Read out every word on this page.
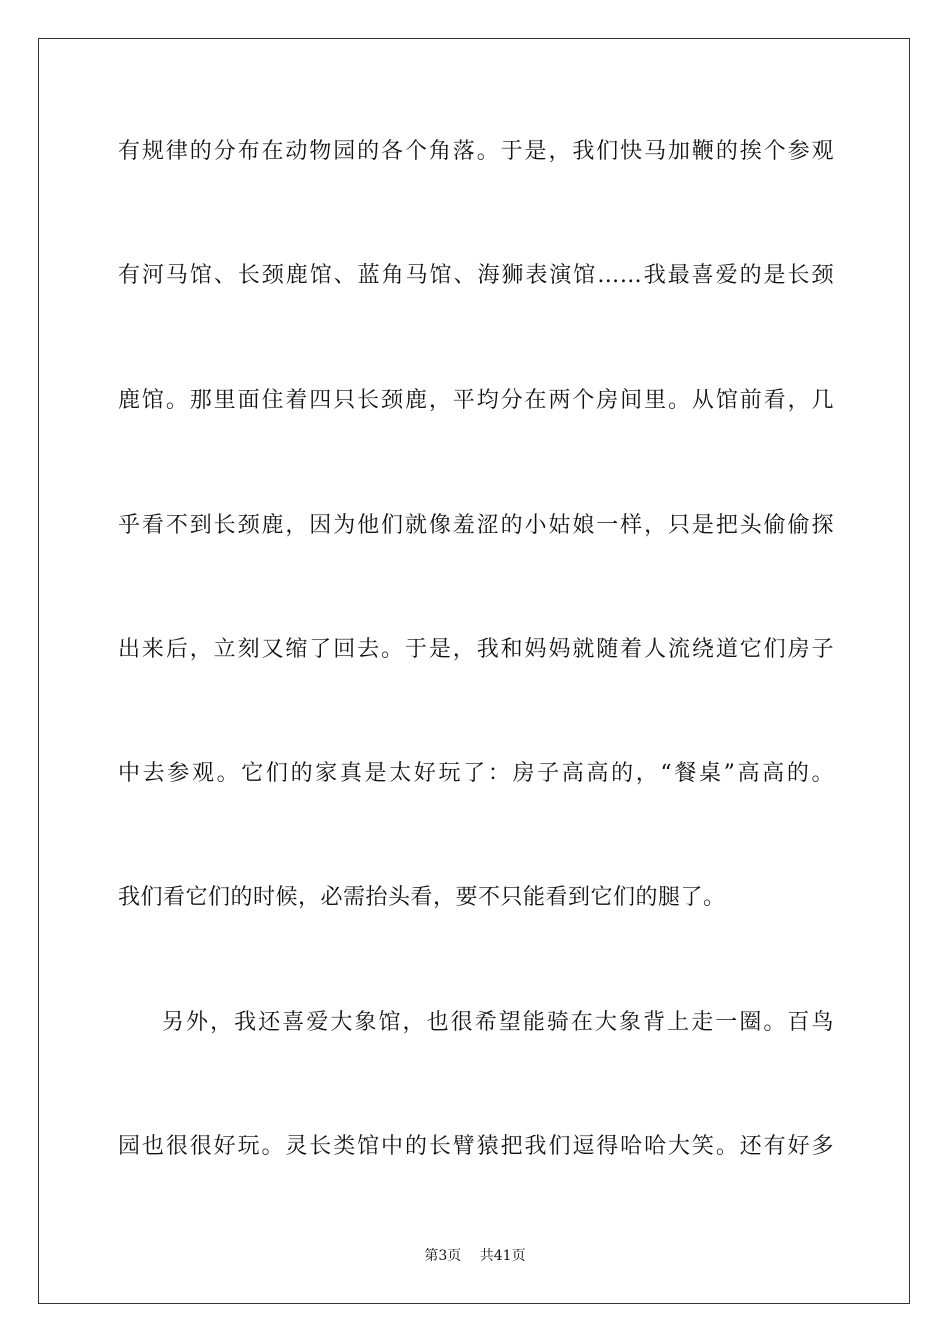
有规律的分布在动物园的各个角落。于是，我们快马加鞭的挨个参观
有河马馆、长颈鹿馆、蓝角马馆、海狮表演馆……我最喜爱的是长颈
鹿馆。那里面住着四只长颈鹿，平均分在两个房间里。从馆前看，几
乎看不到长颈鹿，因为他们就像羞涩的小姑娘一样，只是把头偷偷探
出来后，立刻又缩了回去。于是，我和妈妈就随着人流绕道它们房子
中去参观。它们的家真是太好玩了：房子高高的，“餐桌”高高的。
我们看它们的时候，必需抬头看，要不只能看到它们的腿了。
另外，我还喜爱大象馆，也很希望能骑在大象背上走一圈。百鸟
园也很很好玩。灵长类馆中的长臂猿把我们逗得哈哈大笑。还有好多
第3页 共41页
